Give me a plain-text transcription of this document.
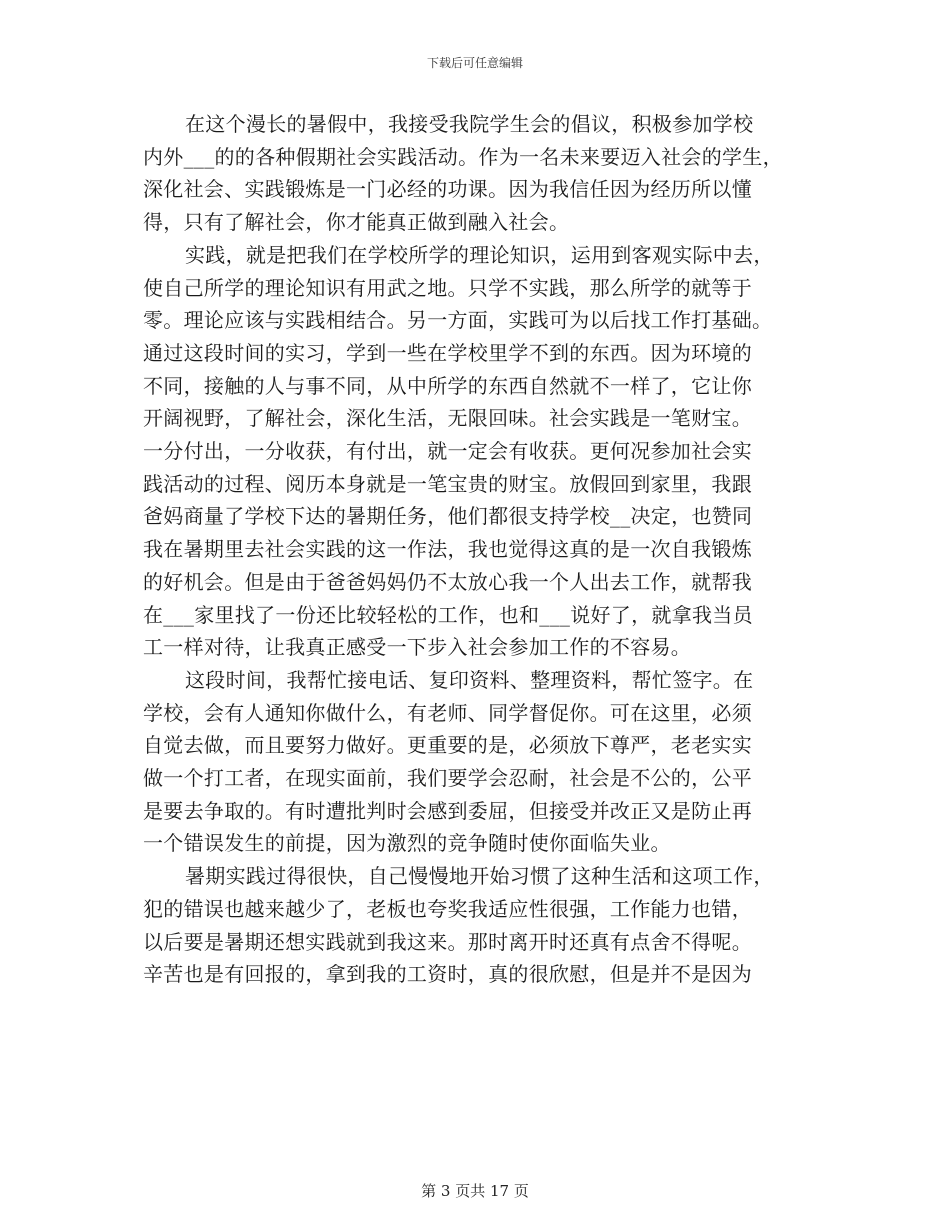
下载后可任意编辑
在这个漫长的暑假中，我接受我院学生会的倡议，积极参加学校
内外___的的各种假期社会实践活动。作为一名未来要迈入社会的学生，
深化社会、实践锻炼是一门必经的功课。因为我信任因为经历所以懂
得，只有了解社会，你才能真正做到融入社会。
实践，就是把我们在学校所学的理论知识，运用到客观实际中去，
使自己所学的理论知识有用武之地。只学不实践，那么所学的就等于
零。理论应该与实践相结合。另一方面，实践可为以后找工作打基础。
通过这段时间的实习，学到一些在学校里学不到的东西。因为环境的
不同，接触的人与事不同，从中所学的东西自然就不一样了，它让你
开阔视野，了解社会，深化生活，无限回味。社会实践是一笔财宝。
一分付出，一分收获，有付出，就一定会有收获。更何况参加社会实
践活动的过程、阅历本身就是一笔宝贵的财宝。放假回到家里，我跟
爸妈商量了学校下达的暑期任务，他们都很支持学校__决定，也赞同
我在暑期里去社会实践的这一作法，我也觉得这真的是一次自我锻炼
的好机会。但是由于爸爸妈妈仍不太放心我一个人出去工作，就帮我
在___家里找了一份还比较轻松的工作，也和___说好了，就拿我当员
工一样对待，让我真正感受一下步入社会参加工作的不容易。
这段时间，我帮忙接电话、复印资料、整理资料，帮忙签字。在
学校，会有人通知你做什么，有老师、同学督促你。可在这里，必须
自觉去做，而且要努力做好。更重要的是，必须放下尊严，老老实实
做一个打工者，在现实面前，我们要学会忍耐，社会是不公的，公平
是要去争取的。有时遭批判时会感到委屈，但接受并改正又是防止再
一个错误发生的前提，因为激烈的竞争随时使你面临失业。
暑期实践过得很快，自己慢慢地开始习惯了这种生活和这项工作，
犯的错误也越来越少了，老板也夸奖我适应性很强，工作能力也错，
以后要是暑期还想实践就到我这来。那时离开时还真有点舍不得呢。
辛苦也是有回报的，拿到我的工资时，真的很欣慰，但是并不是因为
第 3 页共 17 页
